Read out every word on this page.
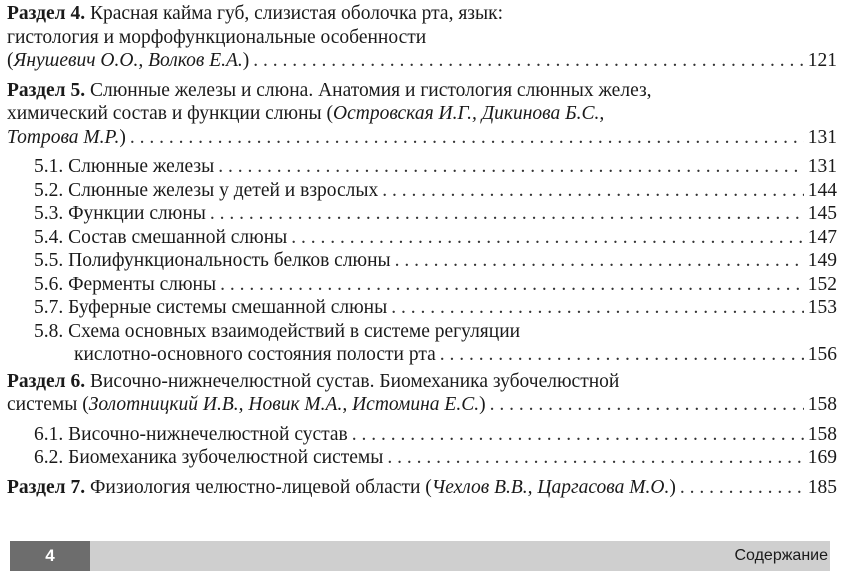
Раздел 4. Красная кайма губ, слизистая оболочка рта, язык:
гистология и морфофункциональные особенности
(Янушевич О.О., Волков Е.А.) . . .	121
Раздел 5. Слюнные железы и слюна. Анатомия и гистология слюнных желез,
химический состав и функции слюны (Островская И.Г., Дикинова Б.С.,
Тотрова М.Р.) . . .	131
5.1. Слюнные железы . . .	131
5.2. Слюнные железы у детей и взрослых . . .	144
5.3. Функции слюны . . .	145
5.4. Состав смешанной слюны . . .	147
5.5. Полифункциональность белков слюны . . .	149
5.6. Ферменты слюны . . .	152
5.7. Буферные системы смешанной слюны . . .	153
5.8. Схема основных взаимодействий в системе регуляции
кислотно-основного состояния полости рта . . .	156
Раздел 6. Височно-нижнечелюстной сустав. Биомеханика зубочелюстной
системы (Золотницкий И.В., Новик М.А., Истомина Е.С.) . . .	158
6.1. Височно-нижнечелюстной сустав . . .	158
6.2. Биомеханика зубочелюстной системы . . .	169
Раздел 7. Физиология челюстно-лицевой области (Чехлов В.В., Царгасова М.О.) . . .	185
4	Содержание
